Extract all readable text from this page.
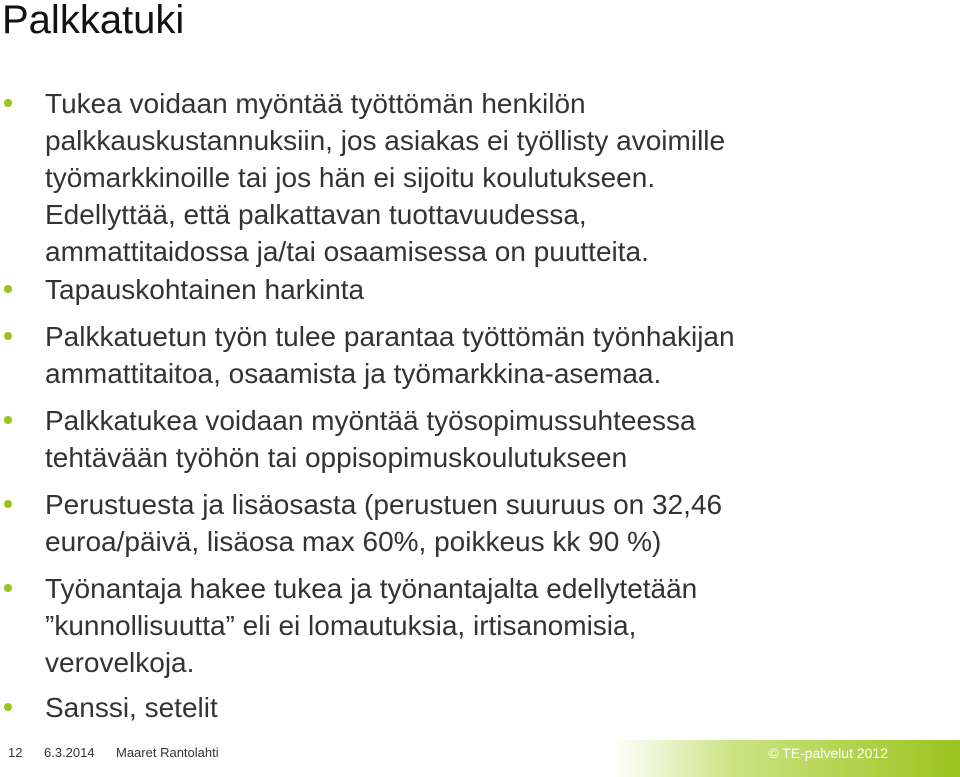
Palkkatuki
Tukea voidaan myöntää työttömän henkilön
palkkauskustannuksiin, jos asiakas ei työllisty avoimille
työmarkkinoille tai jos hän ei sijoitu koulutukseen.
Edellyttää, että palkattavan tuottavuudessa,
ammattitaidossa ja/tai osaamisessa on puutteita.
Tapauskohtainen harkinta
Palkkatuetun työn tulee parantaa työttömän työnhakijan
ammattitaitoa, osaamista ja työmarkkina-asemaa.
Palkkatukea voidaan myöntää työsopimussuhteessa
tehtävään työhön tai oppisopimuskoulutukseen
Perustuesta ja lisäosasta (perustuen suuruus on 32,46
euroa/päivä, lisäosa max 60%, poikkeus kk 90 %)
Työnantaja hakee tukea ja työnantajalta edellytetään
”kunnollisuutta” eli ei lomautuksia, irtisanomisia,
verovelkoja.
Sanssi, setelit
12 6.3.2014 Maaret Rantolahti	© TE-palvelut 2012
